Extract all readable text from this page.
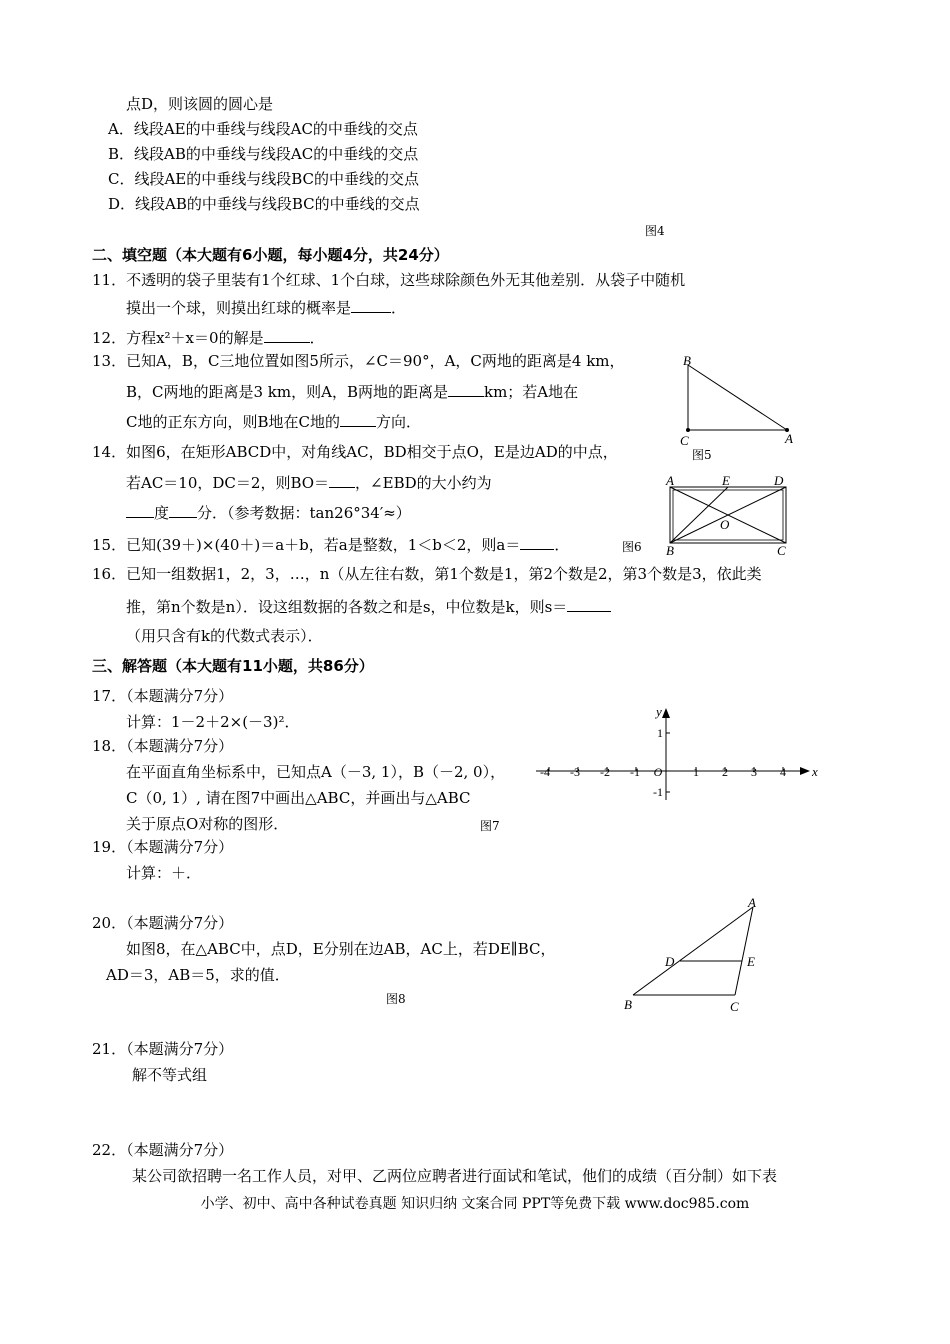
点D，则该圆的圆心是
A．线段AE的中垂线与线段AC的中垂线的交点
B．线段AB的中垂线与线段AC的中垂线的交点
C．线段AE的中垂线与线段BC的中垂线的交点
D．线段AB的中垂线与线段BC的中垂线的交点
图4
二、填空题（本大题有6小题，每小题4分，共24分）
11．不透明的袋子里装有1个红球、1个白球，这些球除颜色外无其他差别．从袋子中随机
摸出一个球，则摸出红球的概率是	．
12．方程x²＋x＝0的解是	．
13．已知A，B，C三地位置如图5所示，∠C＝90°，A，C两地的距离是4 km，
B，C两地的距离是3 km，则A，B两地的距离是 km；若A地在
C地的正东方向，则B地在C地的 方向．
B
C	A
14．如图6，在矩形ABCD中，对角线AC，BD相交于点O，E是边AD的中点，	图5
若AC＝10，DC＝2，则BO＝ ，∠EBD的大小约为
度 分．（参考数据：tan26°34′≈）
A	E	D
O
B	C
15．已知(39＋)×(40＋)＝a＋b，若a是整数，1＜b＜2，则a＝ ．	图6
16．已知一组数据1，2，3，…，n（从左往右数，第1个数是1，第2个数是2，第3个数是3，依此类
推，第n个数是n）．设这组数据的各数之和是s，中位数是k，则s＝
（用只含有k的代数式表示）．
三、解答题（本大题有11小题，共86分）
17．（本题满分7分）
计算：1－2＋2×(－3)²．
18．（本题满分7分）
在平面直角坐标系中，已知点A（－3, 1），B（－2, 0），
C（0, 1）, 请在图7中画出△ABC，并画出与△ABC
关于原点O对称的图形．	图7
-4 -3 -2 -1	1 2 3 4
1
-1
O	x
y
19．（本题满分7分）
计算：＋．
20．（本题满分7分）
如图8，在△ABC中，点D，E分别在边AB，AC上，若DE∥BC，
AD＝3，AB＝5，求的值．
图8
A
D	E
B	C
21．（本题满分7分）
解不等式组
22．（本题满分7分）
某公司欲招聘一名工作人员，对甲、乙两位应聘者进行面试和笔试，他们的成绩（百分制）如下表
小学、初中、高中各种试卷真题 知识归纳 文案合同 PPT等免费下载 www.doc985.com
